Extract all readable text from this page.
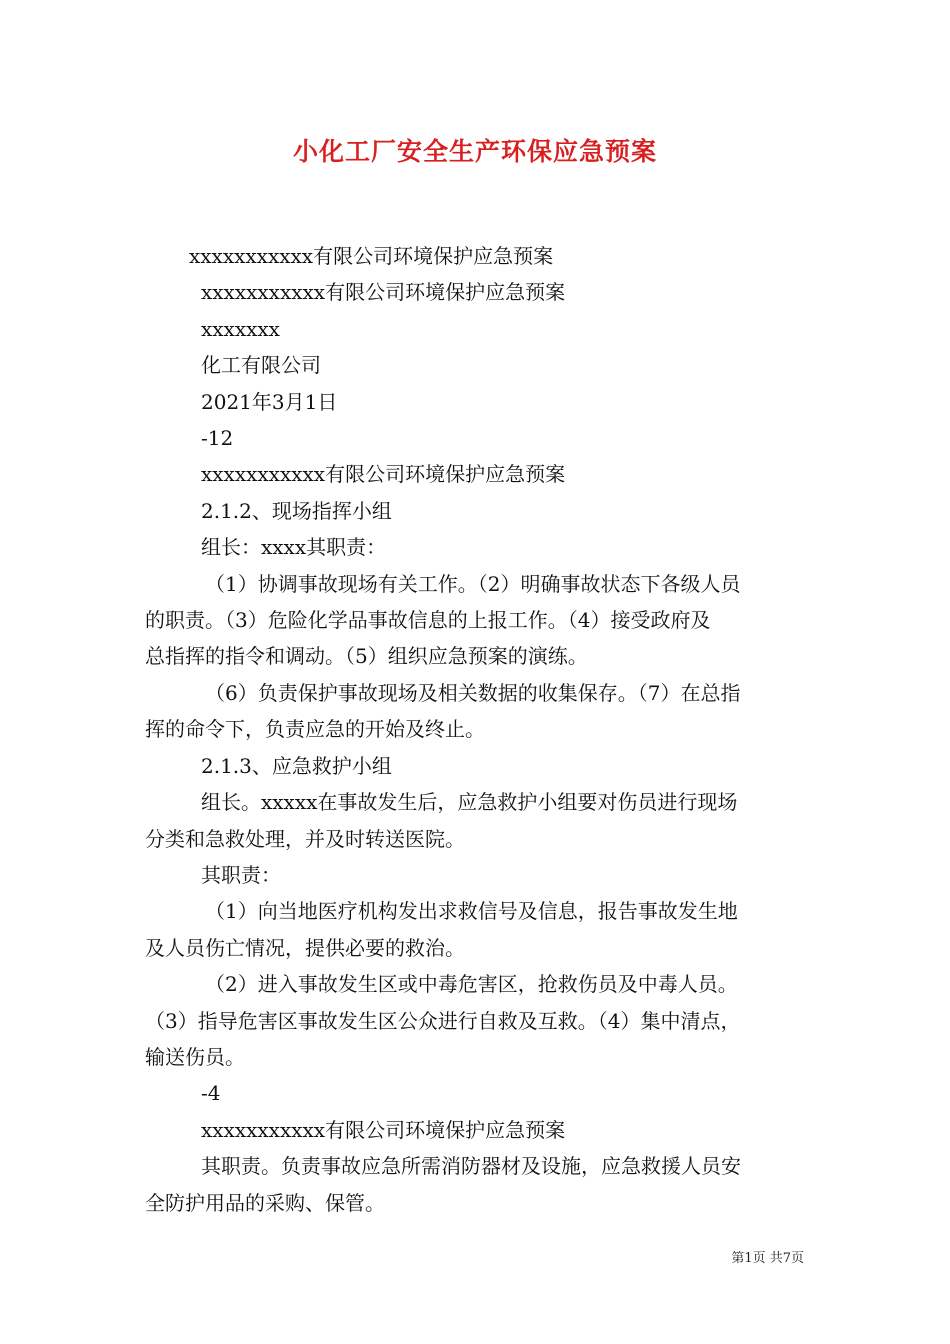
小化工厂安全生产环保应急预案
xxxxxxxxxxx有限公司环境保护应急预案
xxxxxxxxxxx有限公司环境保护应急预案
xxxxxxx
化工有限公司
2021年3月1日
-12
xxxxxxxxxxx有限公司环境保护应急预案
2.1.2、现场指挥小组
组长：xxxx其职责：
（1）协调事故现场有关工作。（2）明确事故状态下各级人员
的职责。（3）危险化学品事故信息的上报工作。（4）接受政府及
总指挥的指令和调动。（5）组织应急预案的演练。
（6）负责保护事故现场及相关数据的收集保存。（7）在总指
挥的命令下，负责应急的开始及终止。
2.1.3、应急救护小组
组长。xxxxx在事故发生后，应急救护小组要对伤员进行现场
分类和急救处理，并及时转送医院。
其职责：
（1）向当地医疗机构发出求救信号及信息，报告事故发生地
及人员伤亡情况，提供必要的救治。
（2）进入事故发生区或中毒危害区，抢救伤员及中毒人员。
（3）指导危害区事故发生区公众进行自救及互救。（4）集中清点，
输送伤员。
-4
xxxxxxxxxxx有限公司环境保护应急预案
其职责。负责事故应急所需消防器材及设施，应急救援人员安
全防护用品的采购、保管。
第1页 共7页
